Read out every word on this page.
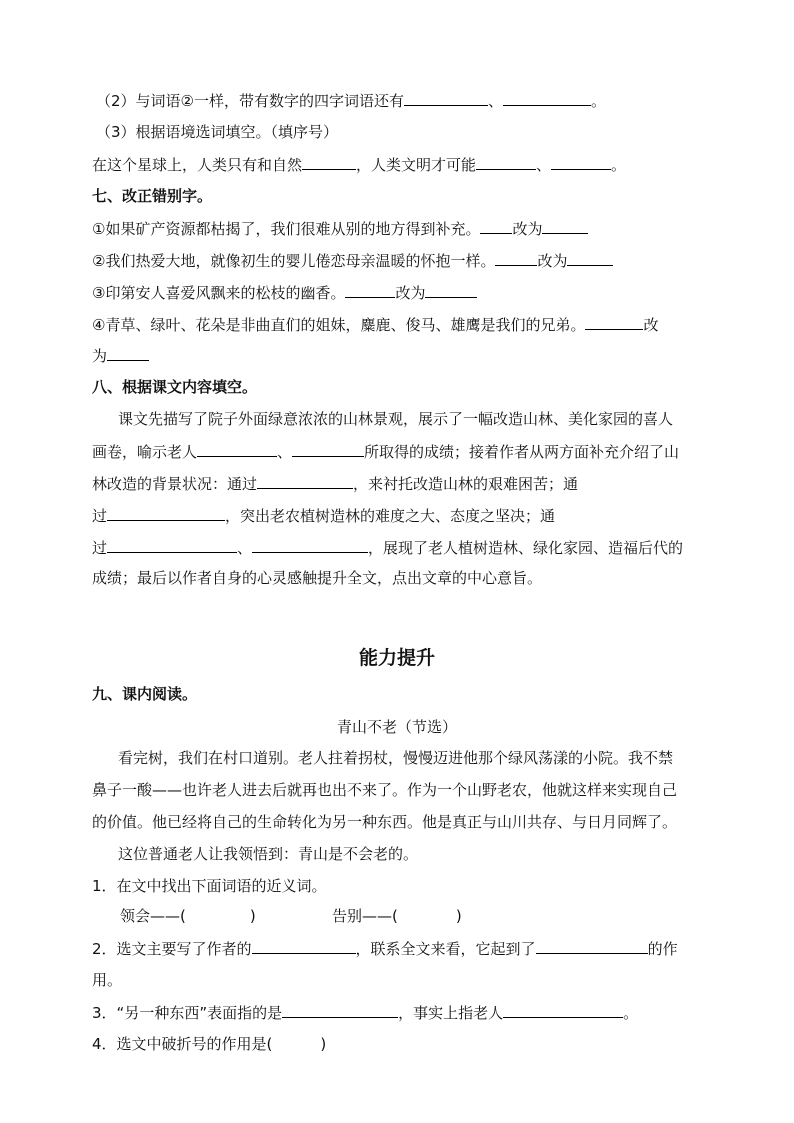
（2）与词语②一样，带有数字的四字词语还有	、	。
（3）根据语境选词填空。（填序号）
在这个星球上，人类只有和自然	，人类文明才可能	、	。
七、改正错别字。
①如果矿产资源都枯揭了，我们很难从别的地方得到补充。 改为
②我们热爱大地，就像初生的婴儿倦恋母亲温暖的怀抱一样。	改为
③印第安人喜爱风飘来的松枝的幽香。	改为
④青草、绿叶、花朵是非曲直们的姐妹，麋鹿、俊马、雄鹰是我们的兄弟。	改
为
八、根据课文内容填空。
课文先描写了院子外面绿意浓浓的山林景观，展示了一幅改造山林、美化家园的喜人
画卷，喻示老人	、	所取得的成绩；接着作者从两方面补充介绍了山
林改造的背景状况：通过	，来衬托改造山林的艰难困苦；通
过	，突出老农植树造林的难度之大、态度之坚决；通
过	、	，展现了老人植树造林、绿化家园、造福后代的
成绩；最后以作者自身的心灵感触提升全文，点出文章的中心意旨。
能力提升
九、课内阅读。
青山不老（节选）
看完树，我们在村口道别。老人拄着拐杖，慢慢迈进他那个绿风荡漾的小院。我不禁
鼻子一酸——也许老人进去后就再也出不来了。作为一个山野老农，他就这样来实现自己
的价值。他已经将自己的生命转化为另一种东西。他是真正与山川共存、与日月同辉了。
这位普通老人让我领悟到：青山是不会老的。
1．在文中找出下面词语的近义词。
领会——(	)	告别——(	)
2．选文主要写了作者的	，联系全文来看，它起到了	的作
用。
3．“另一种东西”表面指的是	，事实上指老人	。
4．选文中破折号的作用是(	)
